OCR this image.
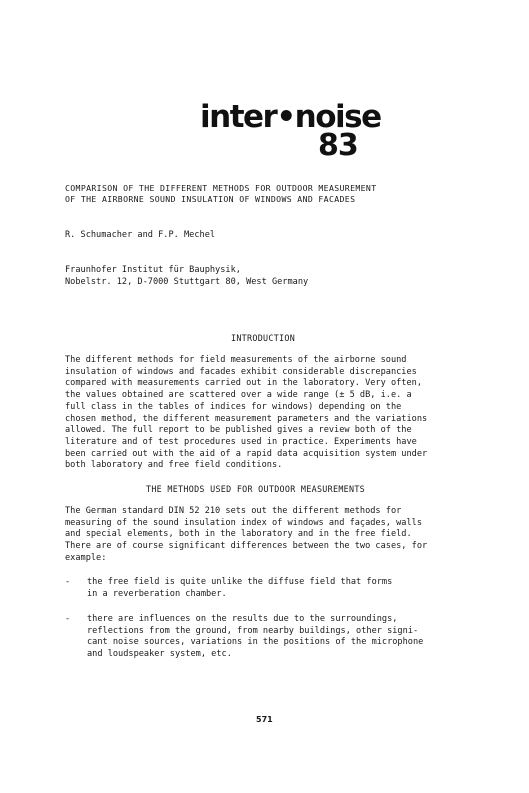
inter•noise
83
COMPARISON OF THE DIFFERENT METHODS FOR OUTDOOR MEASUREMENT
OF THE AIRBORNE SOUND INSULATION OF WINDOWS AND FACADES
R. Schumacher and F.P. Mechel
Fraunhofer Institut für Bauphysik,
Nobelstr. 12, D-7000 Stuttgart 80, West Germany
INTRODUCTION

The different methods for field measurements of the airborne sound
insulation of windows and facades exhibit considerable discrepancies
compared with measurements carried out in the laboratory. Very often,
the values obtained are scattered over a wide range (± 5 dB, i.e. a
full class in the tables of indices for windows) depending on the
chosen method, the different measurement parameters and the variations
allowed. The full report to be published gives a review both of the
literature and of test procedures used in practice. Experiments have
been carried out with the aid of a rapid data acquisition system under
both laboratory and free field conditions.

THE METHODS USED FOR OUTDOOR MEASUREMENTS

The German standard DIN 52 210 sets out the different methods for
measuring of the sound insulation index of windows and façades, walls
and special elements, both in the laboratory and in the free field.
There are of course significant differences between the two cases, for
example:

- the free field is quite unlike the diffuse field that forms
in a reverberation chamber.
- there are influences on the results due to the surroundings,
reflections from the ground, from nearby buildings, other signi-
cant noise sources, variations in the positions of the microphone
and loudspeaker system, etc.
571
